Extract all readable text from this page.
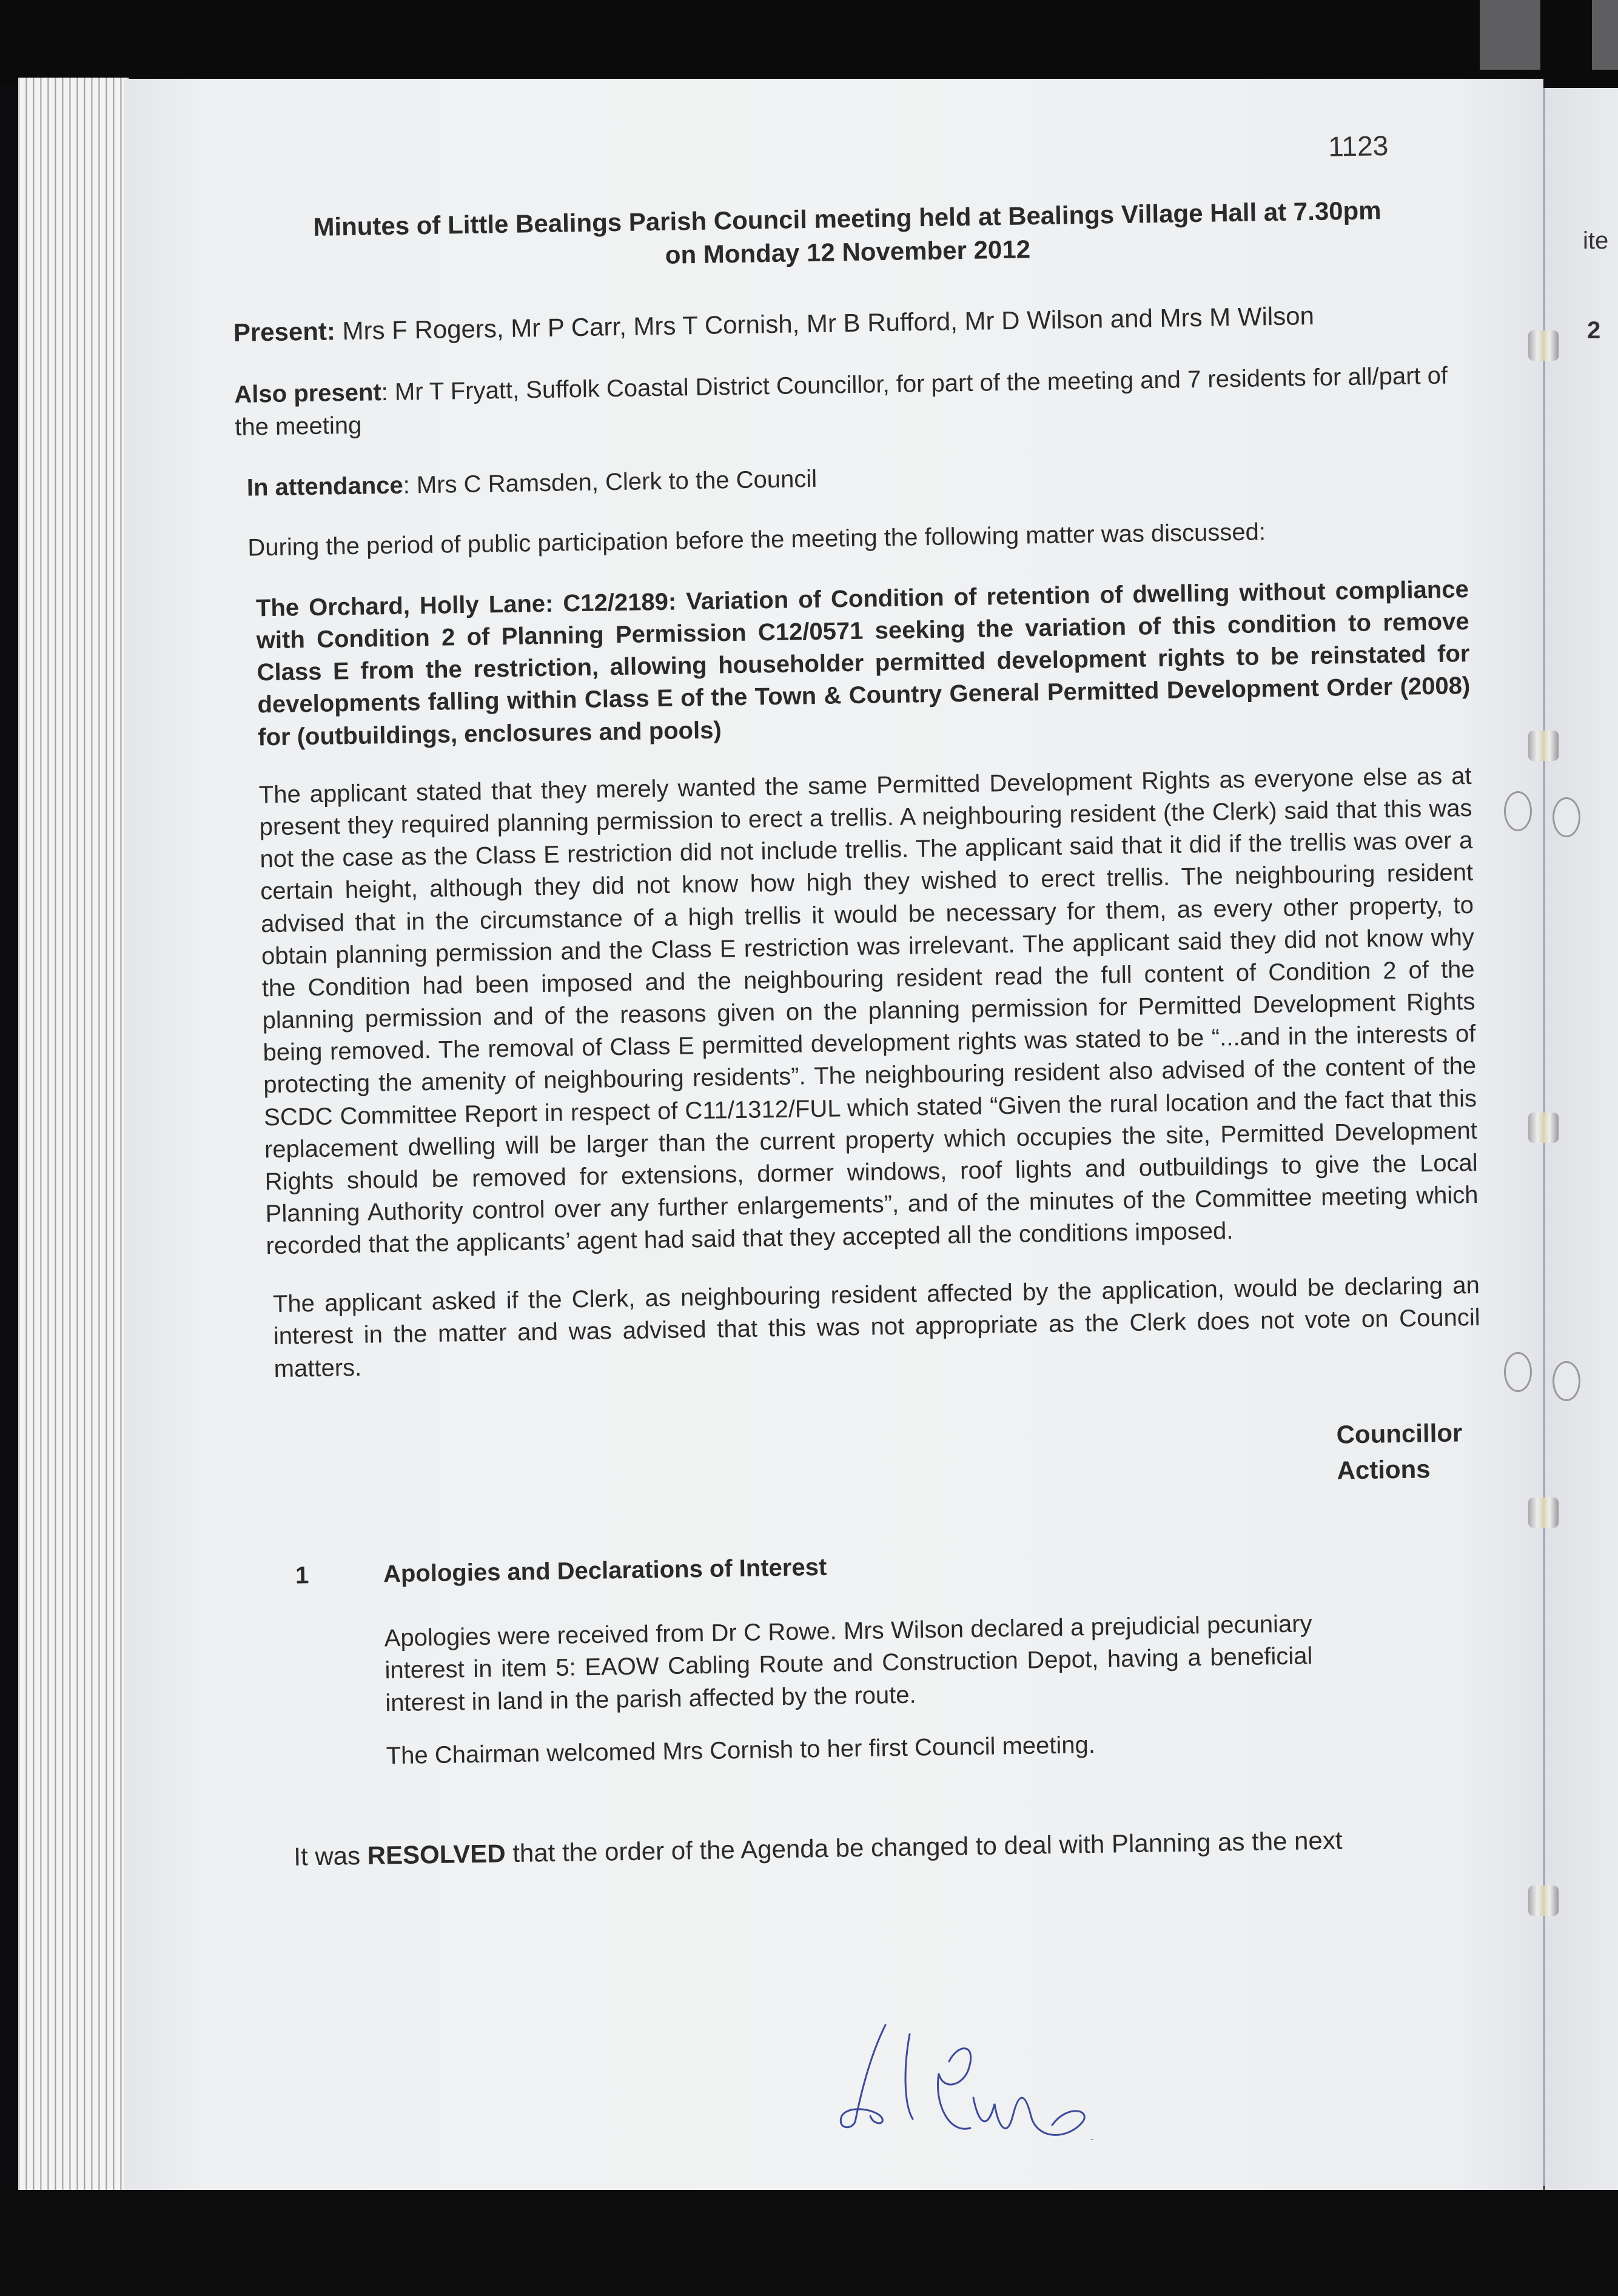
ite
2
1123
Minutes of Little Bealings Parish Council meeting held at Bealings Village Hall at 7.30pm
on Monday 12 November 2012

Present: Mrs F Rogers, Mr P Carr, Mrs T Cornish, Mr B Rufford, Mr D Wilson and Mrs M Wilson

Also present: Mr T Fryatt, Suffolk Coastal District Councillor, for part of the meeting and 7 residents for all/part of the meeting

In attendance: Mrs C Ramsden, Clerk to the Council

During the period of public participation before the meeting the following matter was discussed:

The Orchard, Holly Lane: C12/2189: Variation of Condition of retention of dwelling without compliance with Condition 2 of Planning Permission C12/0571 seeking the variation of this condition to remove Class E from the restriction, allowing householder permitted development rights to be reinstated for developments falling within Class E of the Town & Country General Permitted Development Order (2008) for (outbuildings, enclosures and pools)

The applicant stated that they merely wanted the same Permitted Development Rights as everyone else as at present they required planning permission to erect a trellis. A neighbouring resident (the Clerk) said that this was not the case as the Class E restriction did not include trellis. The applicant said that it did if the trellis was over a certain height, although they did not know how high they wished to erect trellis. The neighbouring resident advised that in the circumstance of a high trellis it would be necessary for them, as every other property, to obtain planning permission and the Class E restriction was irrelevant. The applicant said they did not know why the Condition had been imposed and the neighbouring resident read the full content of Condition 2 of the planning permission and of the reasons given on the planning permission for Permitted Development Rights being removed. The removal of Class E permitted development rights was stated to be “...and in the interests of protecting the amenity of neighbouring residents”. The neighbouring resident also advised of the content of the SCDC Committee Report in respect of C11/1312/FUL which stated “Given the rural location and the fact that this replacement dwelling will be larger than the current property which occupies the site, Permitted Development Rights should be removed for extensions, dormer windows, roof lights and outbuildings to give the Local Planning Authority control over any further enlargements”, and of the minutes of the Committee meeting which recorded that the applicants’ agent had said that they accepted all the conditions imposed.

The applicant asked if the Clerk, as neighbouring resident affected by the application, would be declaring an interest in the matter and was advised that this was not appropriate as the Clerk does not vote on Council matters.

Councillor
Actions
1	Apologies and Declarations of Interest

Apologies were received from Dr C Rowe. Mrs Wilson declared a prejudicial pecuniary interest in item 5: EAOW Cabling Route and Construction Depot, having a beneficial interest in land in the parish affected by the route.

The Chairman welcomed Mrs Cornish to her first Council meeting.

It was RESOLVED that the order of the Agenda be changed to deal with Planning as the next
